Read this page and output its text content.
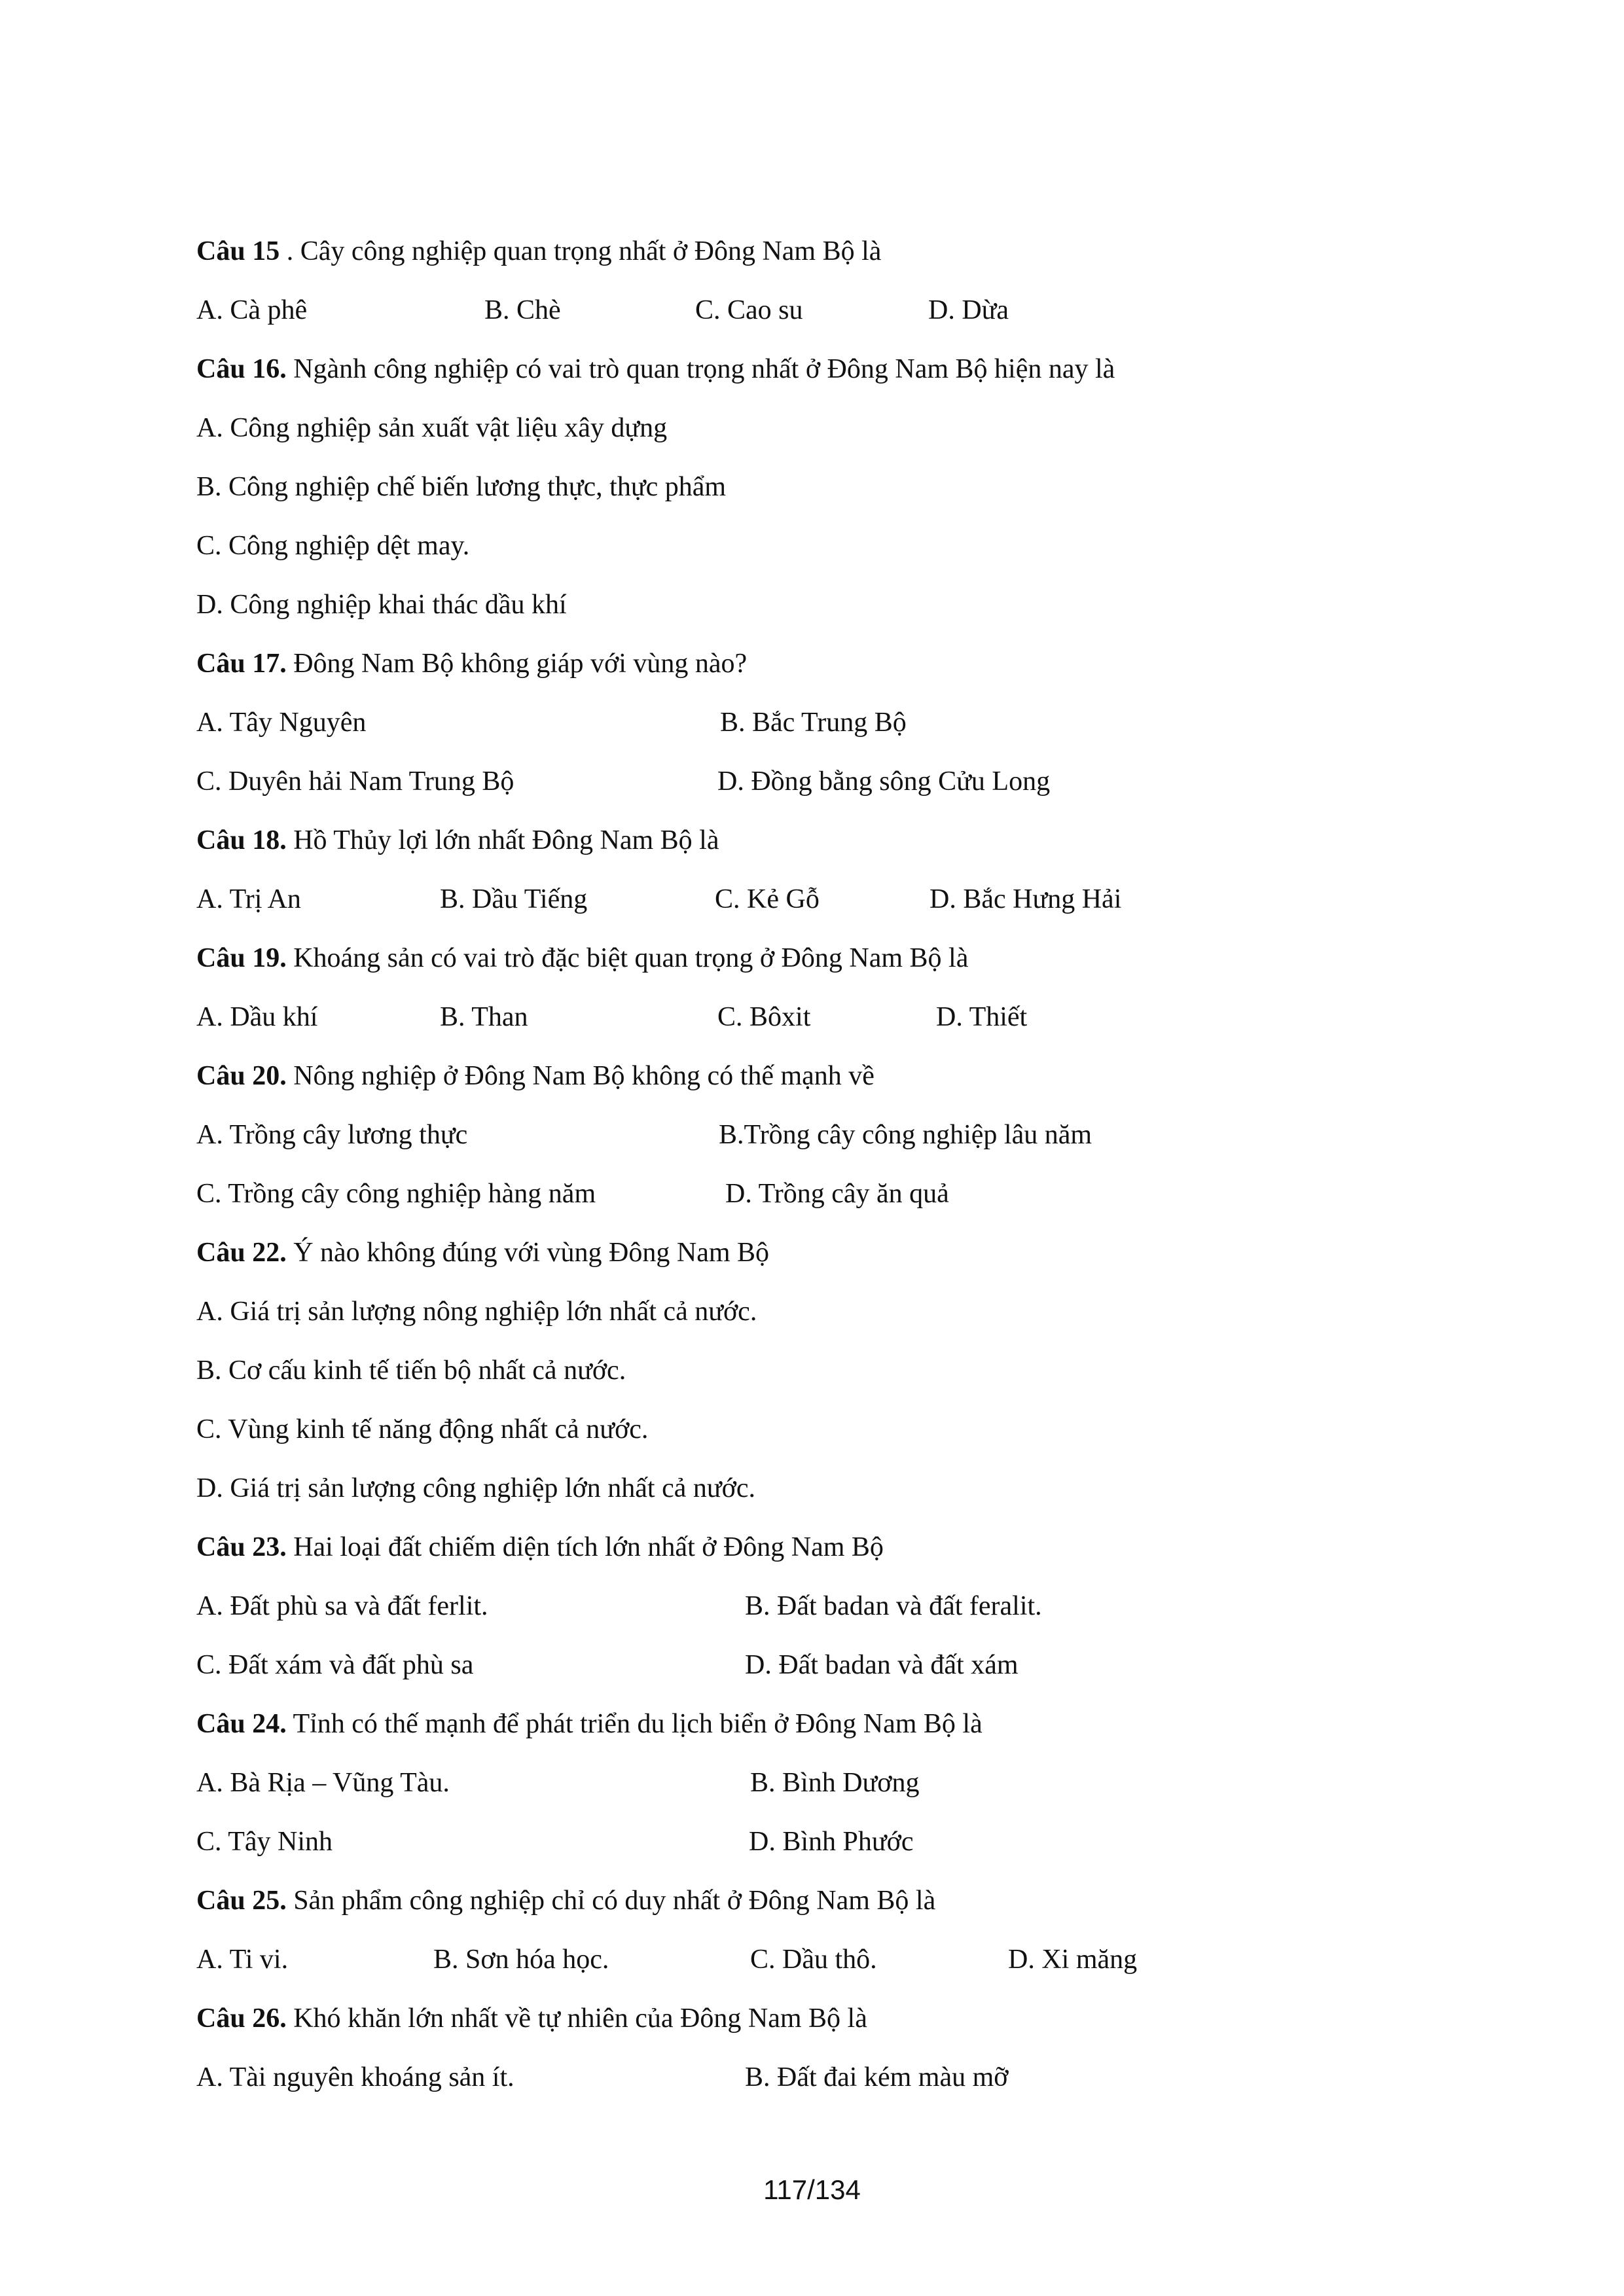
Câu 15 . Cây công nghiệp quan trọng nhất ở Đông Nam Bộ là
A. Cà phê	B. Chè	C. Cao su	D. Dừa
Câu 16. Ngành công nghiệp có vai trò quan trọng nhất ở Đông Nam Bộ hiện nay là
A. Công nghiệp sản xuất vật liệu xây dựng
B. Công nghiệp chế biến lương thực, thực phẩm
C. Công nghiệp dệt may.
D. Công nghiệp khai thác dầu khí
Câu 17. Đông Nam Bộ không giáp với vùng nào?
A. Tây Nguyên	B. Bắc Trung Bộ
C. Duyên hải Nam Trung Bộ	D. Đồng bằng sông Cửu Long
Câu 18. Hồ Thủy lợi lớn nhất Đông Nam Bộ là
A. Trị An	B. Dầu Tiếng	C. Kẻ Gỗ	D. Bắc Hưng Hải
Câu 19. Khoáng sản có vai trò đặc biệt quan trọng ở Đông Nam Bộ là
A. Dầu khí	B. Than	C. Bôxit	D. Thiết
Câu 20. Nông nghiệp ở Đông Nam Bộ không có thế mạnh về
A. Trồng cây lương thực	B.Trồng cây công nghiệp lâu năm
C. Trồng cây công nghiệp hàng năm	D. Trồng cây ăn quả
Câu 22. Ý nào không đúng với vùng Đông Nam Bộ
A. Giá trị sản lượng nông nghiệp lớn nhất cả nước.
B. Cơ cấu kinh tế tiến bộ nhất cả nước.
C. Vùng kinh tế năng động nhất cả nước.
D. Giá trị sản lượng công nghiệp lớn nhất cả nước.
Câu 23. Hai loại đất chiếm diện tích lớn nhất ở Đông Nam Bộ
A. Đất phù sa và đất ferlit.	B. Đất badan và đất feralit.
C. Đất xám và đất phù sa	D. Đất badan và đất xám
Câu 24. Tỉnh có thế mạnh để phát triển du lịch biển ở Đông Nam Bộ là
A. Bà Rịa – Vũng Tàu.	B. Bình Dương
C. Tây Ninh	D. Bình Phước
Câu 25. Sản phẩm công nghiệp chỉ có duy nhất ở Đông Nam Bộ là
A. Ti vi.	B. Sơn hóa học.	C. Dầu thô.	D. Xi măng
Câu 26. Khó khăn lớn nhất về tự nhiên của Đông Nam Bộ là
A. Tài nguyên khoáng sản ít.	B. Đất đai kém màu mỡ
117/134
